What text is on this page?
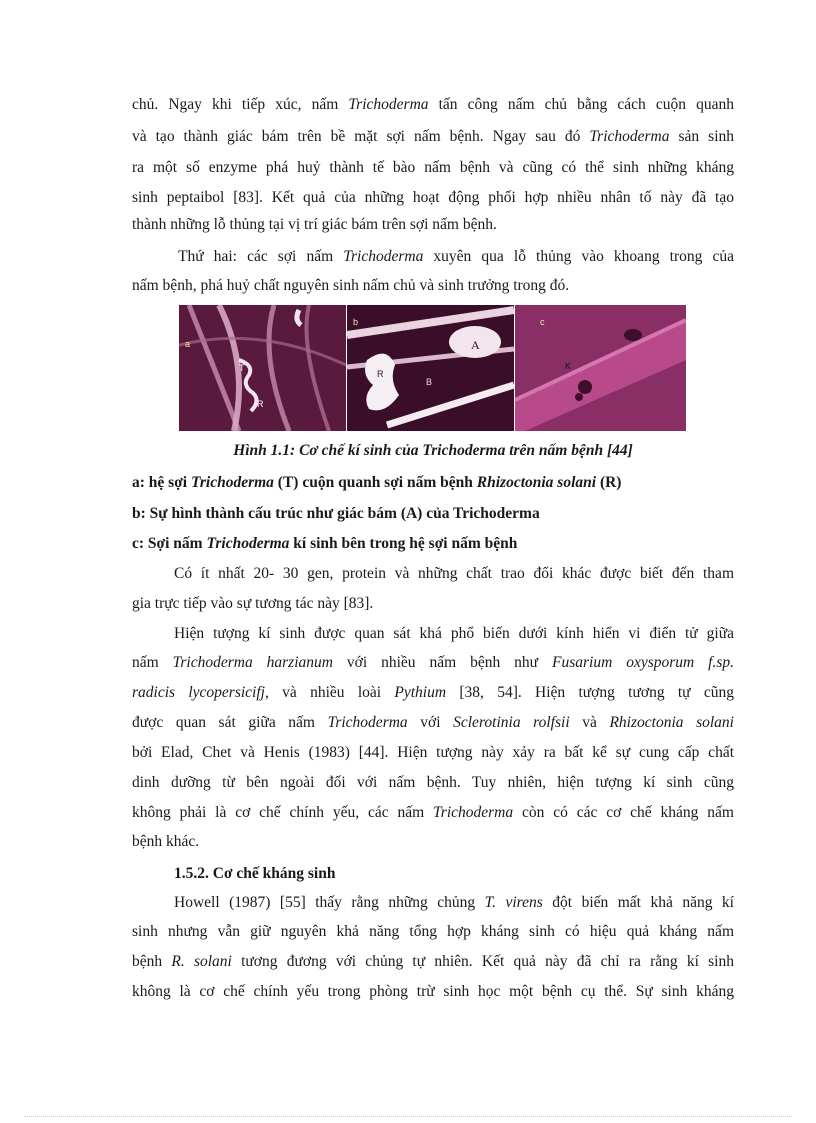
chủ. Ngay khi tiếp xúc, nấm Trichoderma tấn công nấm chủ bằng cách cuộn quanh
và tạo thành giác bám trên bề mặt sợi nấm bệnh. Ngay sau đó Trichoderma sản sinh
ra một số enzyme phá huỷ thành tế bào nấm bệnh và cũng có thể sinh những kháng
sinh peptaibol [83]. Kết quả của những hoạt động phối hợp nhiều nhân tố này đã tạo
thành những lỗ thủng tại vị trí giác bám trên sợi nấm bệnh.
Thứ hai: các sợi nấm Trichoderma xuyên qua lỗ thủng vào khoang trong của
nấm bệnh, phá huỷ chất nguyên sinh nấm chủ và sinh trưởng trong đó.
a
T
R
b
A
R
B
c
K
Hình 1.1: Cơ chế kí sinh của Trichoderma trên nấm bệnh [44]
a: hệ sợi Trichoderma (T) cuộn quanh sợi nấm bệnh Rhizoctonia solani (R)
b: Sự hình thành cấu trúc như giác bám (A) của Trichoderma
c: Sợi nấm Trichoderma kí sinh bên trong hệ sợi nấm bệnh
Có ít nhất 20- 30 gen, protein và những chất trao đổi khác được biết đến tham
gia trực tiếp vào sự tương tác này [83].
Hiện tượng kí sinh được quan sát khá phổ biến dưới kính hiển vi điển tử giữa
nấm Trichoderma harzianum với nhiều nấm bệnh như Fusarium oxysporum f.sp.
radicis lycopersicifj, và nhiều loài Pythium [38, 54]. Hiện tượng tương tự cũng
được quan sát giữa nấm Trichoderma với Sclerotinia rolfsii và Rhizoctonia solani
bởi Elad, Chet và Henis (1983) [44]. Hiện tượng này xảy ra bất kể sự cung cấp chất
dinh dưỡng từ bên ngoài đối với nấm bệnh. Tuy nhiên, hiện tượng kí sinh cũng
không phải là cơ chế chính yếu, các nấm Trichoderma còn có các cơ chế kháng nấm
bệnh khác.
1.5.2. Cơ chế kháng sinh
Howell (1987) [55] thấy rằng những chủng T. virens đột biến mất khả năng kí
sinh nhưng vẫn giữ nguyên khả năng tổng hợp kháng sinh có hiệu quả kháng nấm
bệnh R. solani tương đương với chủng tự nhiên. Kết quả này đã chỉ ra rằng kí sinh
không là cơ chế chính yếu trong phòng trừ sinh học một bệnh cụ thể. Sự sinh kháng
